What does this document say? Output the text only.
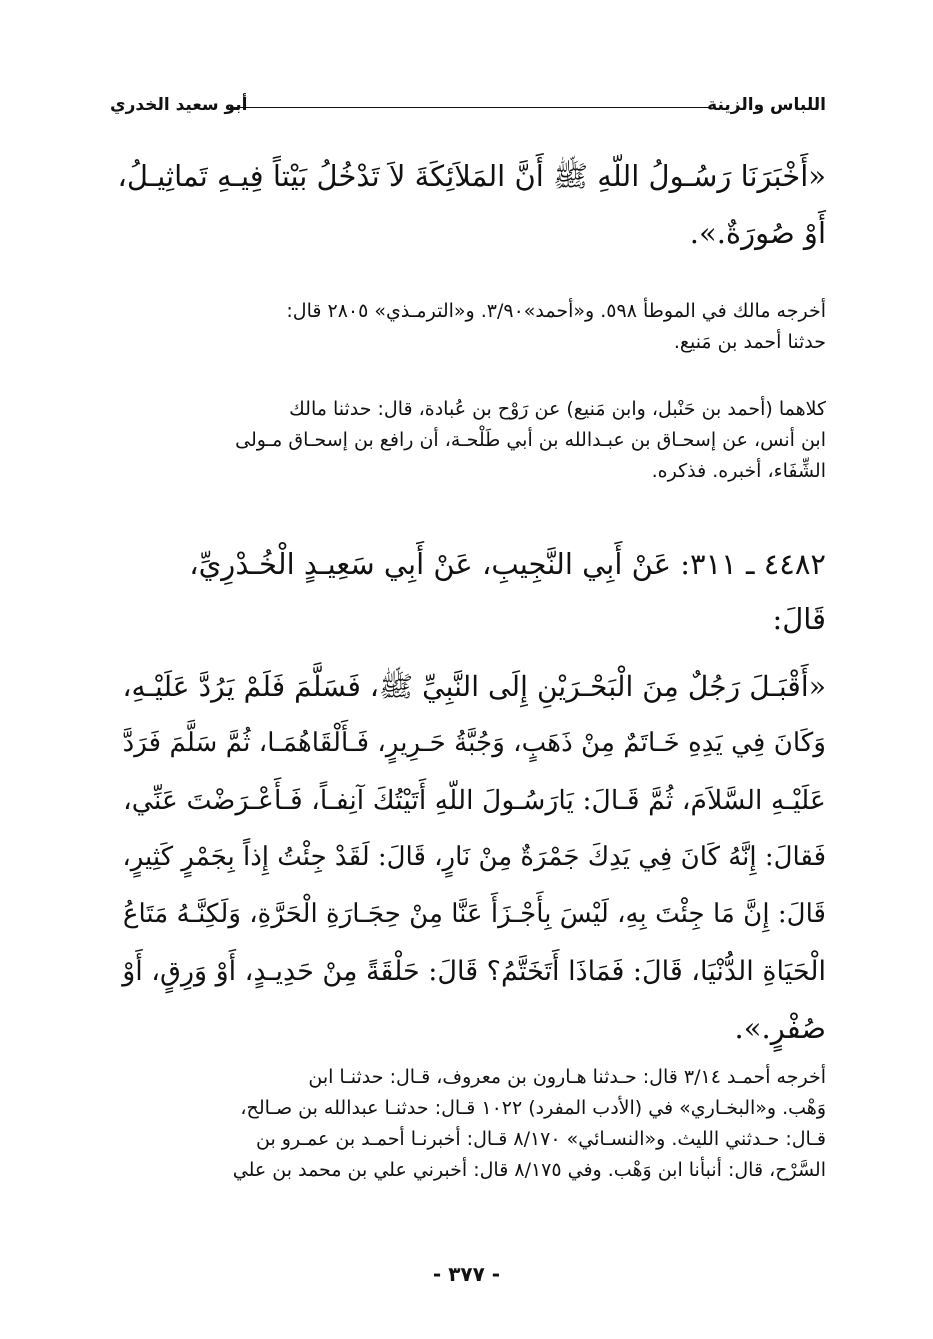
اللباس والزينة
أبو سعيد الخدري
«أَخْبَرَنَا رَسُـولُ اللّهِ ﷺ أَنَّ المَلاَئِكَةَ لاَ تَدْخُلُ بَيْتاً فِيـهِ تَماثِيـلُ،
أَوْ صُورَةٌ.».
أخرجه مالك في الموطأ ٥٩٨. و«أحمد»٣/٩٠. و«الترمـذي» ٢٨٠٥ قال:
حدثنا أحمد بن مَنيع.
كلاهما (أحمد بن حَنْبل، وابن مَنيع) عن رَوْح بن عُبادة، قال: حدثنا مالك
ابن أنس، عن إسحـاق بن عبـدالله بن أبي طَلْحـة، أن رافع بن إسحـاق مـولى
الشِّفَاء، أخبره. فذكره.
٤٤٨٢ ـ ٣١١: عَنْ أَبِي النَّجِيبِ، عَنْ أَبِي سَعِيـدٍ الْخُـدْرِيِّ،
قَالَ:
«أَقْبَـلَ رَجُلٌ مِنَ الْبَحْـرَيْنِ إِلَى النَّبِيِّ ﷺ، فَسَلَّمَ فَلَمْ يَرُدَّ عَلَيْـهِ،
وَكَانَ فِي يَدِهِ خَـاتَمٌ مِنْ ذَهَبٍ، وَجُبَّةُ حَـرِيرٍ، فَـأَلْقَاهُمَـا، ثُمَّ سَلَّمَ فَرَدَّ
عَلَيْـهِ السَّلاَمَ، ثُمَّ قَـالَ: يَارَسُـولَ اللّهِ أَتَيْتُكَ آنِفـاً، فَـأَعْـرَضْتَ عَنِّي،
فَقالَ: إِنَّهُ كَانَ فِي يَدِكَ جَمْرَةٌ مِنْ نَارٍ، قَالَ: لَقَدْ جِئْتُ إِذاً بِجَمْرٍ كَثِيرٍ،
قَالَ: إِنَّ مَا جِئْتَ بِهِ، لَيْسَ بِأَجْـزَأَ عَنَّا مِنْ حِجَـارَةِ الْحَرَّةِ، وَلَكِنَّـهُ مَتَاعُ
الْحَيَاةِ الدُّنْيَا، قَالَ: فَمَاذَا أَتَخَتَّمُ؟ قَالَ: حَلْقَةً مِنْ حَدِيـدٍ، أَوْ وَرِقٍ، أَوْ
صُفْرٍ.».
أخرجه أحمـد ٣/١٤ قال: حـدثنا هـارون بن معروف، قـال: حدثنـا ابن
وَهْب. و«البخـاري» في (الأدب المفرد) ١٠٢٢ قـال: حدثنـا عبدالله بن صـالح،
قـال: حـدثني الليث. و«النسـائي» ٨/١٧٠ قـال: أخبرنـا أحمـد بن عمـرو بن
السَّرْح، قال: أنبأنا ابن وَهْب. وفي ٨/١٧٥ قال: أخبرني علي بن محمد بن علي
- ٣٧٧ -
